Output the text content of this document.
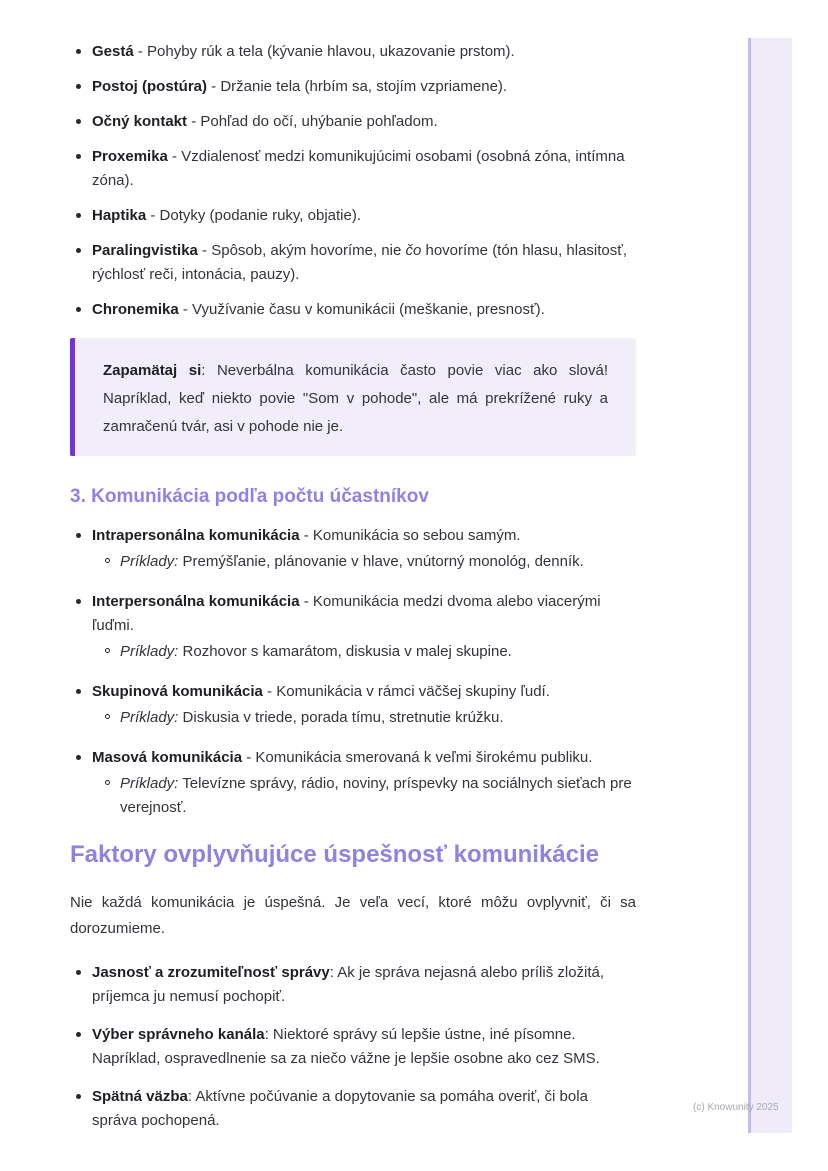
Gestá - Pohyby rúk a tela (kývanie hlavou, ukazovanie prstom).
Postoj (postúra) - Držanie tela (hrbím sa, stojím vzpriamene).
Očný kontakt - Pohľad do očí, uhýbanie pohľadom.
Proxemika - Vzdialenosť medzi komunikujúcimi osobami (osobná zóna, intímna zóna).
Haptika - Dotyky (podanie ruky, objatie).
Paralingvistika - Spôsob, akým hovoríme, nie čo hovoríme (tón hlasu, hlasitosť, rýchlosť reči, intonácia, pauzy).
Chronemika - Využívanie času v komunikácii (meškanie, presnosť).
Zapamätaj si: Neverbálna komunikácia často povie viac ako slová! Napríklad, keď niekto povie "Som v pohode", ale má prekrížené ruky a zamračenú tvár, asi v pohode nie je.
3. Komunikácia podľa počtu účastníkov
Intrapersonálna komunikácia - Komunikácia so sebou samým.
Príklady: Premýšľanie, plánovanie v hlave, vnútorný monológ, denník.
Interpersonálna komunikácia - Komunikácia medzi dvoma alebo viacerými ľuďmi.
Príklady: Rozhovor s kamarátom, diskusia v malej skupine.
Skupinová komunikácia - Komunikácia v rámci väčšej skupiny ľudí.
Príklady: Diskusia v triede, porada tímu, stretnutie krúžku.
Masová komunikácia - Komunikácia smerovaná k veľmi širokému publiku.
Príklady: Televízne správy, rádio, noviny, príspevky na sociálnych sieťach pre verejnosť.
Faktory ovplyvňujúce úspešnosť komunikácie

Nie každá komunikácia je úspešná. Je veľa vecí, ktoré môžu ovplyvniť, či sa dorozumieme.

Jasnosť a zrozumiteľnosť správy: Ak je správa nejasná alebo príliš zložitá, príjemca ju nemusí pochopiť.
Výber správneho kanála: Niektoré správy sú lepšie ústne, iné písomne. Napríklad, ospravedlnenie sa za niečo vážne je lepšie osobne ako cez SMS.
Spätná väzba: Aktívne počúvanie a dopytovanie sa pomáha overiť, či bola správa pochopená.
(c) Knowunity 2025
